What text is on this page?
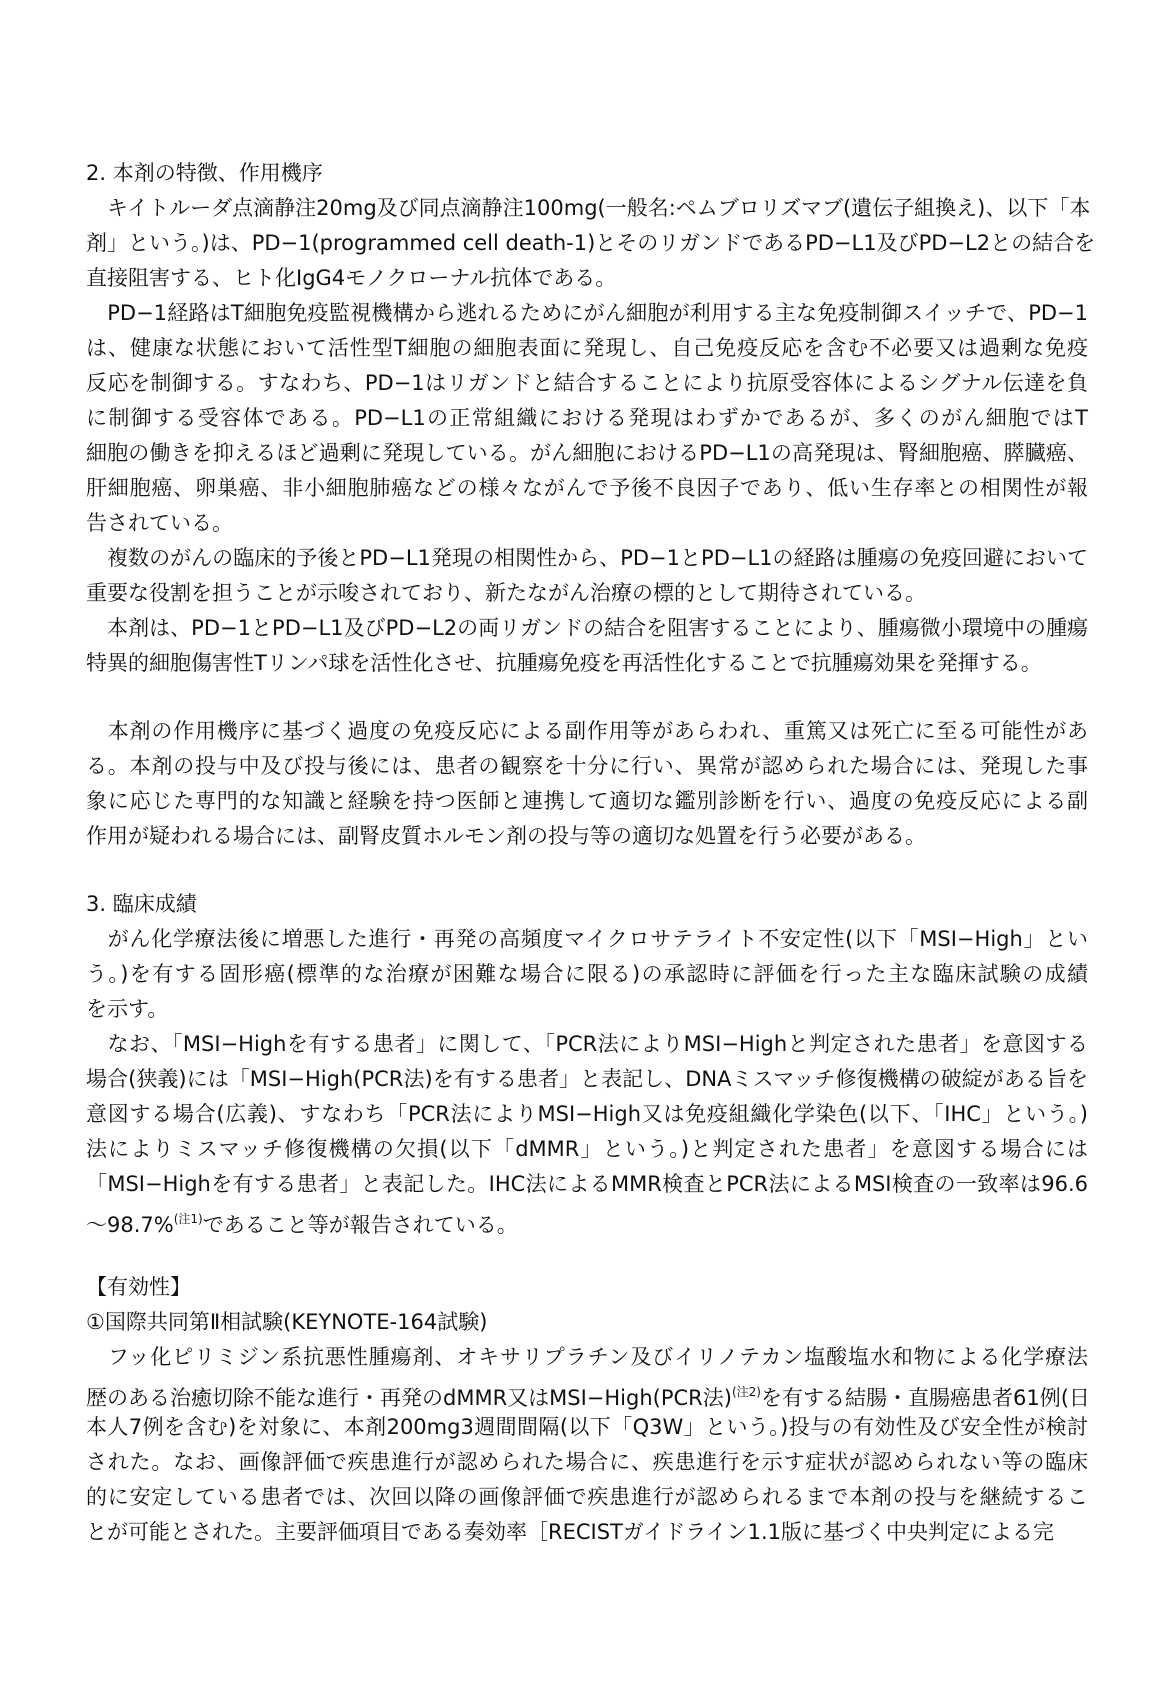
2. 本剤の特徴、作用機序
　キイトルーダ点滴静注20mg及び同点滴静注100mg(一般名:ペムブロリズマブ(遺伝子組換え)、以下「本
剤」という。)は、PD−1(programmed cell death-1)とそのリガンドであるPD−L1及びPD−L2との結合を
直接阻害する、ヒト化IgG4モノクローナル抗体である。
　PD−1経路はT細胞免疫監視機構から逃れるためにがん細胞が利用する主な免疫制御スイッチで、PD−1
は、健康な状態において活性型T細胞の細胞表面に発現し、自己免疫反応を含む不必要又は過剰な免疫
反応を制御する。すなわち、PD−1はリガンドと結合することにより抗原受容体によるシグナル伝達を負
に制御する受容体である。PD−L1の正常組織における発現はわずかであるが、多くのがん細胞ではT
細胞の働きを抑えるほど過剰に発現している。がん細胞におけるPD−L1の高発現は、腎細胞癌、膵臓癌、
肝細胞癌、卵巣癌、非小細胞肺癌などの様々ながんで予後不良因子であり、低い生存率との相関性が報
告されている。
　複数のがんの臨床的予後とPD−L1発現の相関性から、PD−1とPD−L1の経路は腫瘍の免疫回避において
重要な役割を担うことが示唆されており、新たながん治療の標的として期待されている。
　本剤は、PD−1とPD−L1及びPD−L2の両リガンドの結合を阻害することにより、腫瘍微小環境中の腫瘍
特異的細胞傷害性Tリンパ球を活性化させ、抗腫瘍免疫を再活性化することで抗腫瘍効果を発揮する。
　本剤の作用機序に基づく過度の免疫反応による副作用等があらわれ、重篤又は死亡に至る可能性があ
る。本剤の投与中及び投与後には、患者の観察を十分に行い、異常が認められた場合には、発現した事
象に応じた専門的な知識と経験を持つ医師と連携して適切な鑑別診断を行い、過度の免疫反応による副
作用が疑われる場合には、副腎皮質ホルモン剤の投与等の適切な処置を行う必要がある。
3. 臨床成績
　がん化学療法後に増悪した進行・再発の高頻度マイクロサテライト不安定性(以下「MSI−High」とい
う。)を有する固形癌(標準的な治療が困難な場合に限る)の承認時に評価を行った主な臨床試験の成績
を示す。
　なお、「MSI−Highを有する患者」に関して、「PCR法によりMSI−Highと判定された患者」を意図する
場合(狭義)には「MSI−High(PCR法)を有する患者」と表記し、DNAミスマッチ修復機構の破綻がある旨を
意図する場合(広義)、すなわち「PCR法によりMSI−High又は免疫組織化学染色(以下、「IHC」という。)
法によりミスマッチ修復機構の欠損(以下「dMMR」という。)と判定された患者」を意図する場合には
「MSI−Highを有する患者」と表記した。IHC法によるMMR検査とPCR法によるMSI検査の一致率は96.6
～98.7%$^{(注1)}$であること等が報告されている。
【有効性】
①国際共同第Ⅱ相試験(KEYNOTE-164試験)
　フッ化ピリミジン系抗悪性腫瘍剤、オキサリプラチン及びイリノテカン塩酸塩水和物による化学療法
歴のある治癒切除不能な進行・再発のdMMR又はMSI−High(PCR法)$^{(注2)}$を有する結腸・直腸癌患者61例(日
本人7例を含む)を対象に、本剤200mg3週間間隔(以下「Q3W」という。)投与の有効性及び安全性が検討
された。なお、画像評価で疾患進行が認められた場合に、疾患進行を示す症状が認められない等の臨床
的に安定している患者では、次回以降の画像評価で疾患進行が認められるまで本剤の投与を継続するこ
とが可能とされた。主要評価項目である奏効率［RECISTガイドライン1.1版に基づく中央判定による完
